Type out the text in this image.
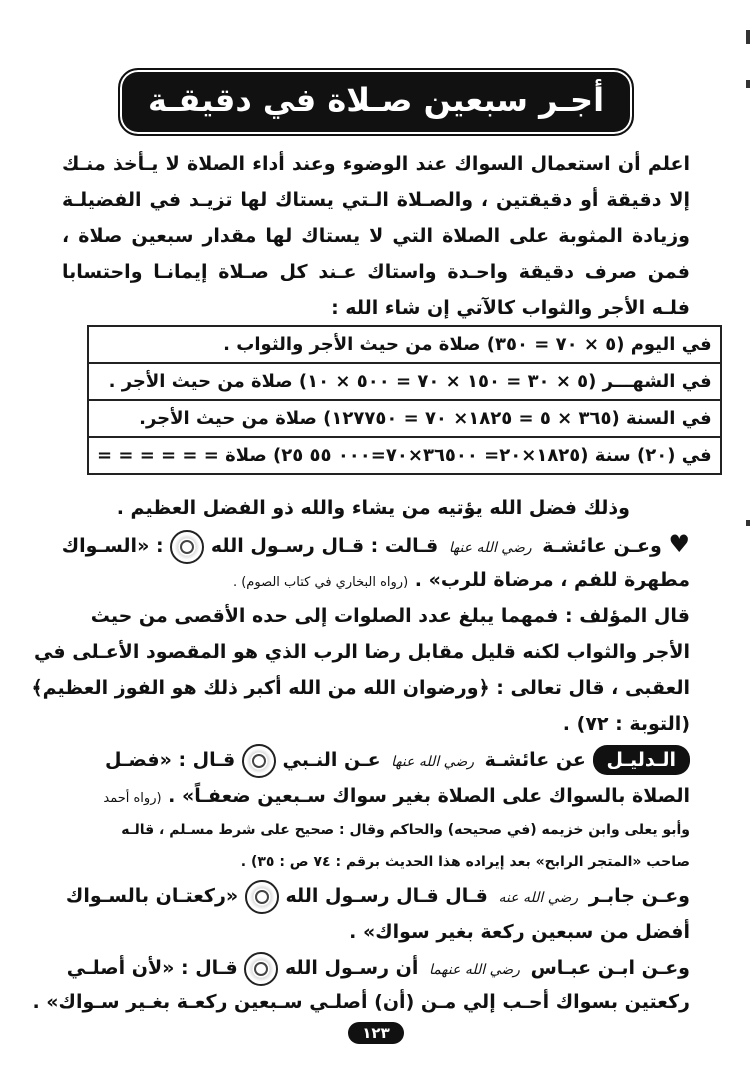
أجـر سبعين صـلاة في دقيقـة
اعلم أن استعمال السواك عند الوضوء وعند أداء الصلاة لا يـأخذ منـك إلا دقيقة أو دقيقتين ، والصـلاة الـتي يستاك لها تزيـد في الفضيلـة وزيادة المثوبة على الصلاة التي لا يستاك لها مقدار سبعين صلاة ، فمن صرف دقيقة واحـدة واستاك عـند كل صـلاة إيمانـا واحتسابا فلـه الأجر والثواب كالآتي إن شاء الله :
في اليوم (٥ × ٧٠ = ٣٥٠) صلاة من حيث الأجر والثواب .
في الشهـــر (٥ × ٣٠ = ١٥٠ × ٧٠ = ٥٠٠ × ١٠) صلاة من حيث الأجر .
في السنة (٣٦٥ × ٥ = ١٨٢٥× ٧٠ = ١٢٧٧٥٠) صلاة من حيث الأجر.
في (٢٠) سنة (١٨٢٥×٢٠= ٣٦٥٠٠×٧٠=٠٠٠ ٥٥ ٢٥) صلاة = = = = = =
وذلك فضل الله يؤتيه من يشاء والله ذو الفضل العظيم .
♥ وعـن عائشـة رضي الله عنها قـالت : قـال رسـول الله  : «السـواك
مطهرة للفم ، مرضاة للرب» . (رواه البخاري في كتاب الصوم) .
قال المؤلف : فمهما يبلغ عدد الصلوات إلى حده الأقصى من حيث
الأجر والثواب لكنه قليل مقابل رضا الرب الذي هو المقصود الأعـلى في
العقبى ، قال تعالى : ﴿ورضوان الله من الله أكبر ذلك هو الفوز العظيم﴾
(التوبة : ٧٢) .
الـدليـل عن عائشـة رضي الله عنها عـن النـبي  قـال : «فضـل
الصلاة بالسواك على الصلاة بغير سواك سـبعين ضعفـاً» . (رواه أحمد
وأبو يعلى وابن خزيمه (في صحيحه) والحاكم وقال : صحيح على شرط مسـلم ، قالـه
صاحب «المتجر الرابح» بعد إيراده هذا الحديث برقم : ٧٤ ص : ٣٥) .
وعـن جابـر رضي الله عنه قـال قـال رسـول الله  «ركعتـان بالسـواك
أفضل من سبعين ركعة بغير سواك» .
وعـن ابـن عبـاس رضي الله عنهما أن رسـول الله  قـال : «لأن أصلـي
ركعتين بسواك أحـب إلي مـن (أن) أصلـي سـبعين ركعـة بغـير سـواك» .
١٢٣
